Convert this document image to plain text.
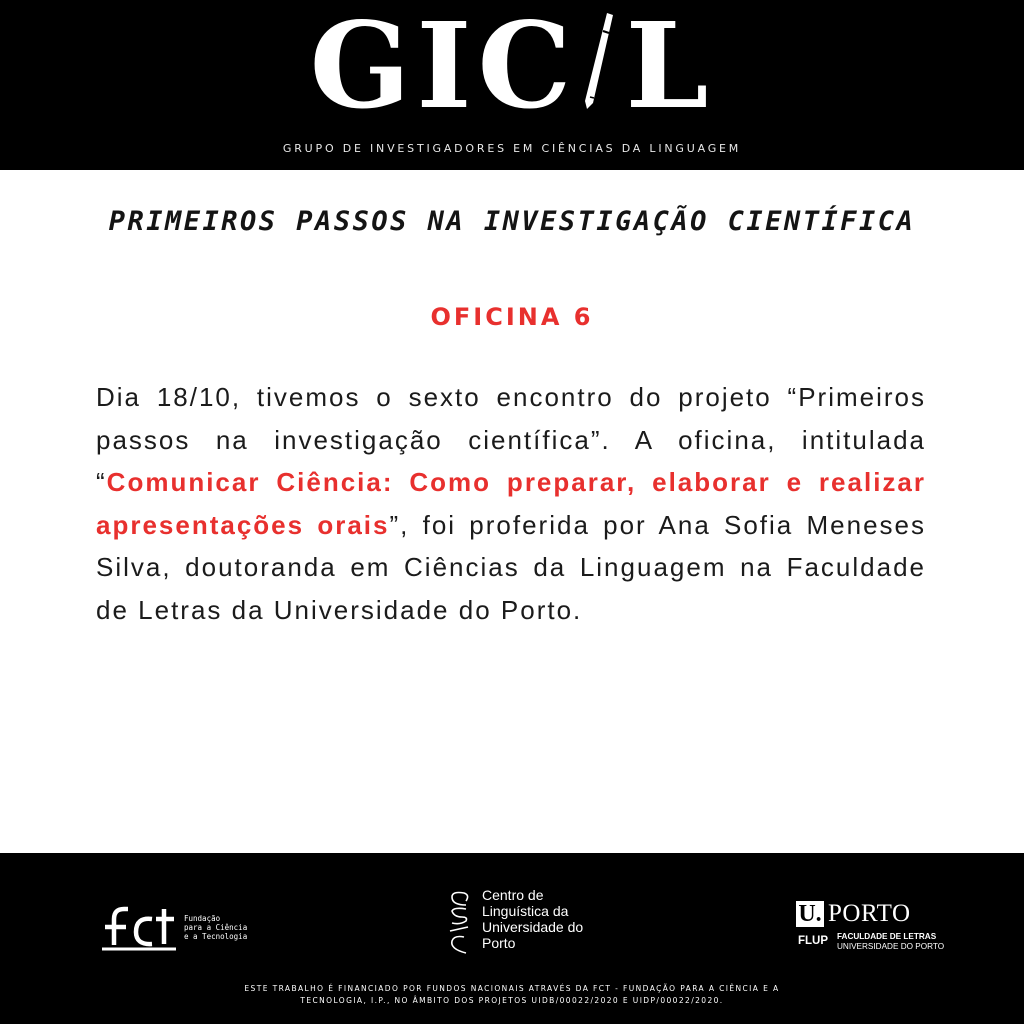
GIC L
GRUPO DE INVESTIGADORES EM CIÊNCIAS DA LINGUAGEM
PRIMEIROS PASSOS NA INVESTIGAÇÃO CIENTÍFICA
OFICINA 6
Dia 18/10, tivemos o sexto encontro do projeto “Primeiros passos na investigação científica”. A oficina, intitulada “Comunicar Ciência: Como preparar, elaborar e realizar apresentações orais”, foi proferida por Ana Sofia Meneses Silva, doutoranda em Ciências da Linguagem na Faculdade de Letras da Universidade do Porto.
Fundação
para a Ciência
e a Tecnologia
Centro de
Linguística da
Universidade do
Porto
U. PORTO
FLUP FACULDADE DE LETRAS
UNIVERSIDADE DO PORTO
ESTE TRABALHO É FINANCIADO POR FUNDOS NACIONAIS ATRAVÉS DA FCT - FUNDAÇÃO PARA A CIÊNCIA E A
TECNOLOGIA, I.P., NO ÂMBITO DOS PROJETOS UIDB/00022/2020 E UIDP/00022/2020.
